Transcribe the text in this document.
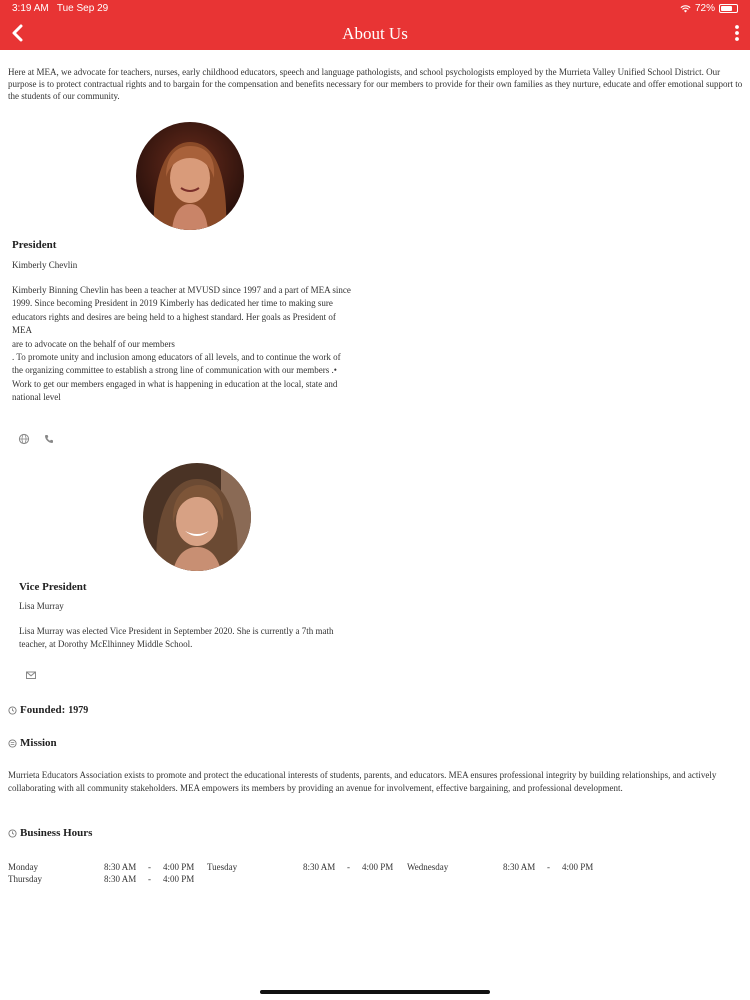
3:19 AM Tue Sep 29	72%
About Us
Here at MEA, we advocate for teachers, nurses, early childhood educators, speech and language pathologists, and school psychologists employed by the Murrieta Valley Unified School District. Our purpose is to protect contractual rights and to bargain for the compensation and benefits necessary for our members to provide for their own families as they nurture, educate and offer emotional support to the students of our community.
President
Kimberly Chevlin
Kimberly Binning Chevlin has been a teacher at MVUSD since 1997 and a part of MEA since
1999. Since becoming President in 2019 Kimberly has dedicated her time to making sure
educators rights and desires are being held to a highest standard. Her goals as President of
MEA
are to advocate on the behalf of our members
. To promote unity and inclusion among educators of all levels, and to continue the work of
the organizing committee to establish a strong line of communication with our members .•
Work to get our members engaged in what is happening in education at the local, state and
national level
Vice President
Lisa Murray
Lisa Murray was elected Vice President in September 2020. She is currently a 7th math
teacher, at Dorothy McElhinney Middle School.
Founded: 1979
Mission
Murrieta Educators Association exists to promote and protect the educational interests of students, parents, and educators. MEA ensures professional integrity by building relationships, and actively collaborating with all community stakeholders. MEA empowers its members by providing an avenue for involvement, effective bargaining, and professional development.
Business Hours
Monday	8:30 AM - 4:00 PM Tuesday	8:30 AM - 4:00 PM Wednesday	8:30 AM - 4:00 PM
Thursday	8:30 AM - 4:00 PM
